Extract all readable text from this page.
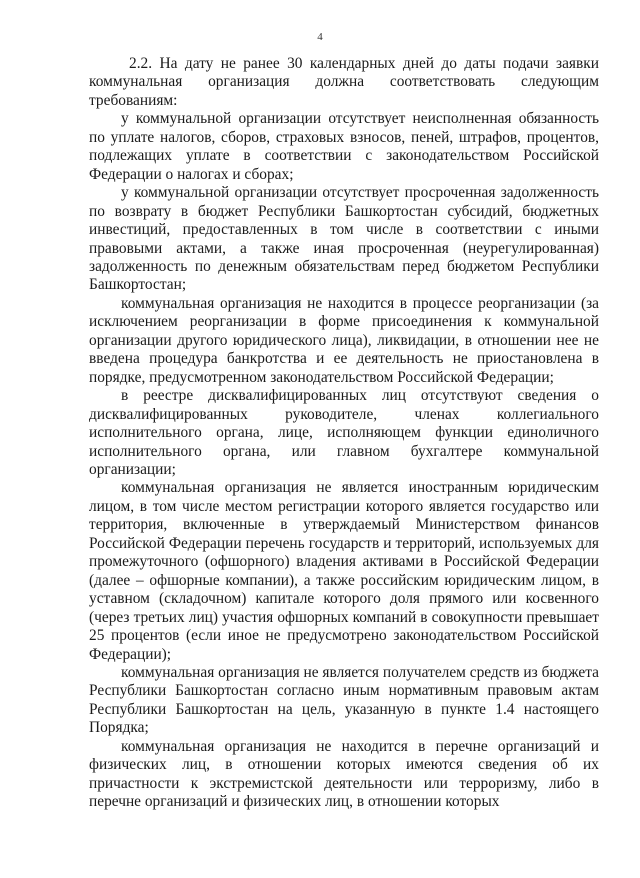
4

2.2. На дату не ранее 30 календарных дней до даты подачи заявки коммунальная организация должна соответствовать следующим требованиям:

у коммунальной организации отсутствует неисполненная обязанность по уплате налогов, сборов, страховых взносов, пеней, штрафов, процентов, подлежащих уплате в соответствии с законодательством Российской Федерации о налогах и сборах;

у коммунальной организации отсутствует просроченная задолженность по возврату в бюджет Республики Башкортостан субсидий, бюджетных инвестиций, предоставленных в том числе в соответствии с иными правовыми актами, а также иная просроченная (неурегулированная) задолженность по денежным обязательствам перед бюджетом Республики Башкортостан;

коммунальная организация не находится в процессе реорганизации (за исключением реорганизации в форме присоединения к коммунальной организации другого юридического лица), ликвидации, в отношении нее не введена процедура банкротства и ее деятельность не приостановлена в порядке, предусмотренном законодательством Российской Федерации;

в реестре дисквалифицированных лиц отсутствуют сведения о дисквалифицированных руководителе, членах коллегиального исполнительного органа, лице, исполняющем функции единоличного исполнительного органа, или главном бухгалтере коммунальной организации;

коммунальная организация не является иностранным юридическим лицом, в том числе местом регистрации которого является государство или территория, включенные в утверждаемый Министерством финансов Российской Федерации перечень государств и территорий, используемых для промежуточного (офшорного) владения активами в Российской Федерации (далее – офшорные компании), а также российским юридическим лицом, в уставном (складочном) капитале которого доля прямого или косвенного (через третьих лиц) участия офшорных компаний в совокупности превышает 25 процентов (если иное не предусмотрено законодательством Российской Федерации);

коммунальная организация не является получателем средств из бюджета Республики Башкортостан согласно иным нормативным правовым актам Республики Башкортостан на цель, указанную в пункте 1.4 настоящего Порядка;

коммунальная организация не находится в перечне организаций и физических лиц, в отношении которых имеются сведения об их причастности к экстремистской деятельности или терроризму, либо в перечне организаций и физических лиц, в отношении которых
